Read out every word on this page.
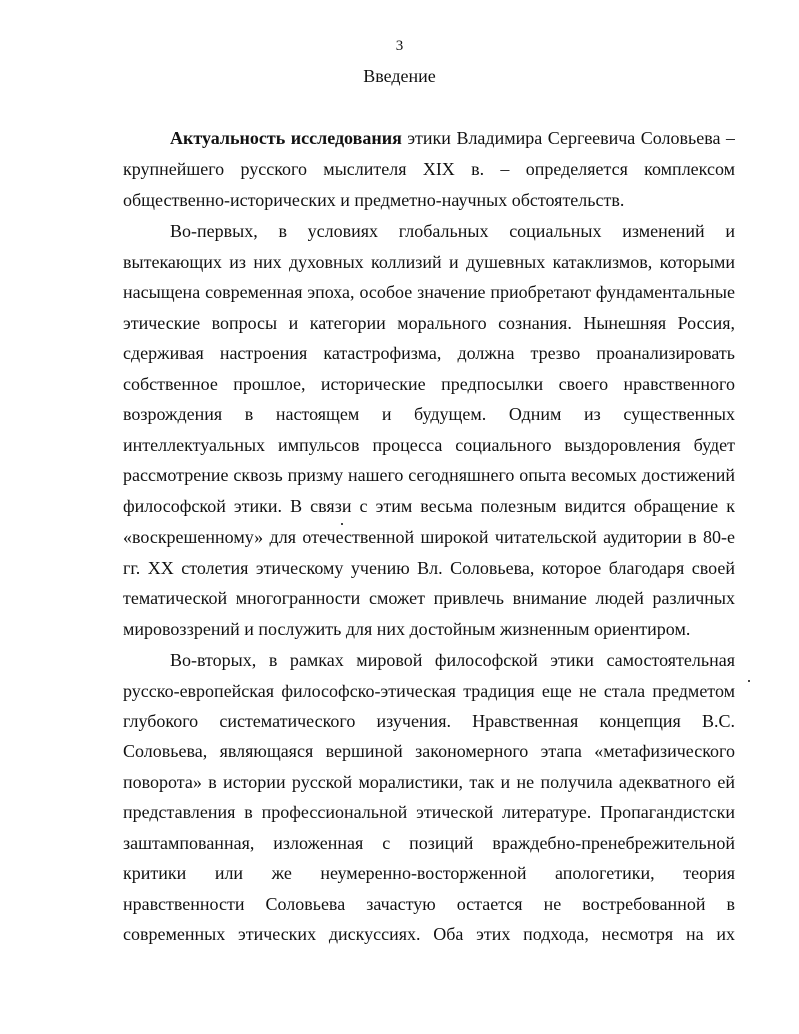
3
Введение
Актуальность исследования этики Владимира Сергеевича Соловьева –
крупнейшего русского мыслителя XIX в. – определяется комплексом
общественно-исторических и предметно-научных обстоятельств.
Во-первых, в условиях глобальных социальных изменений и
вытекающих из них духовных коллизий и душевных катаклизмов, которыми
насыщена современная эпоха, особое значение приобретают фундаментальные
этические вопросы и категории морального сознания. Нынешняя Россия,
сдерживая настроения катастрофизма, должна трезво проанализировать
собственное прошлое, исторические предпосылки своего нравственного
возрождения в настоящем и будущем. Одним из существенных
интеллектуальных импульсов процесса социального выздоровления будет
рассмотрение сквозь призму нашего сегодняшнего опыта весомых достижений
философской этики. В связи с этим весьма полезным видится обращение к
«воскрешенному» для отечественной широкой читательской аудитории в 80-е
гг. XX столетия этическому учению Вл. Соловьева, которое благодаря своей
тематической многогранности сможет привлечь внимание людей различных
мировоззрений и послужить для них достойным жизненным ориентиром.
Во-вторых, в рамках мировой философской этики самостоятельная
русско-европейская философско-этическая традиция еще не стала предметом
глубокого систематического изучения. Нравственная концепция В.С.
Соловьева, являющаяся вершиной закономерного этапа «метафизического
поворота» в истории русской моралистики, так и не получила адекватного ей
представления в профессиональной этической литературе. Пропагандистски
заштампованная, изложенная с позиций враждебно-пренебрежительной
критики или же неумеренно-восторженной апологетики, теория
нравственности Соловьева зачастую остается не востребованной в
современных этических дискуссиях. Оба этих подхода, несмотря на их
